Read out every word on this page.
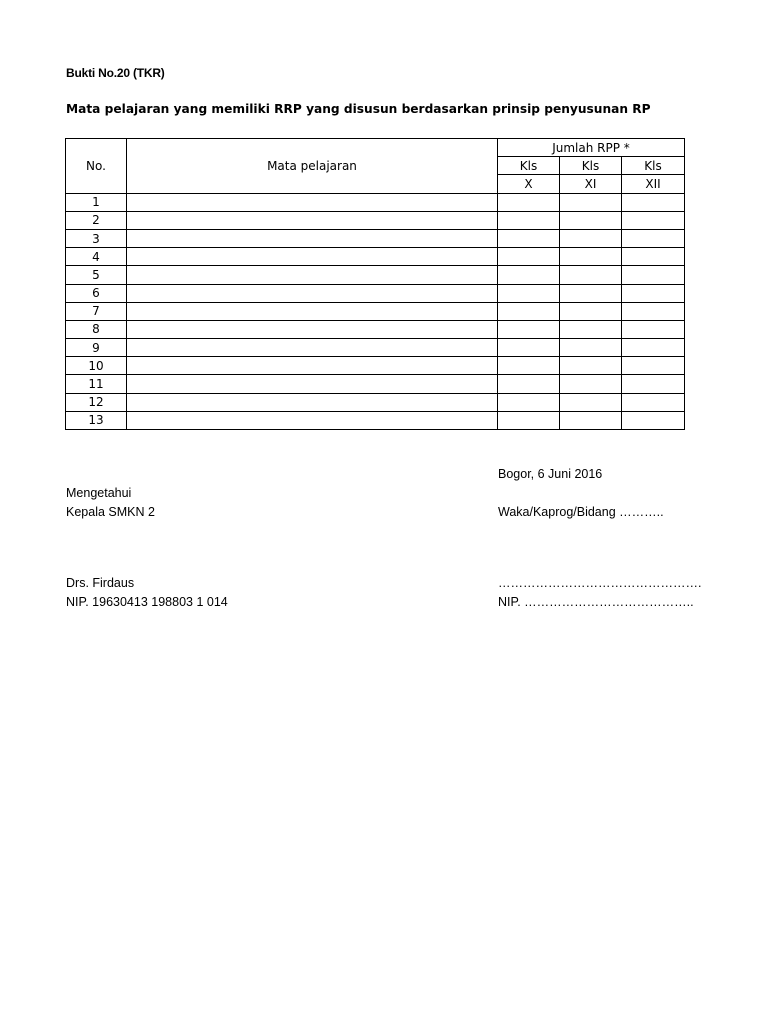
Bukti No.20 (TKR)
Mata pelajaran yang memiliki RRP yang disusun berdasarkan prinsip penyusunan RP
No.	Mata pelajaran	Jumlah RPP *		
		Kls	Kls	Kls
		X	XI	XII
1				
2				
3				
4				
5				
6				
7				
8				
9				
10				
11				
12				
13				
Bogor, 6 Juni 2016
Mengetahui
Kepala SMKN 2	Waka/Kaprog/Bidang ………..
Drs. Firdaus	………………………………………….
NIP. 19630413 198803 1 014	NIP. …………………………………..
